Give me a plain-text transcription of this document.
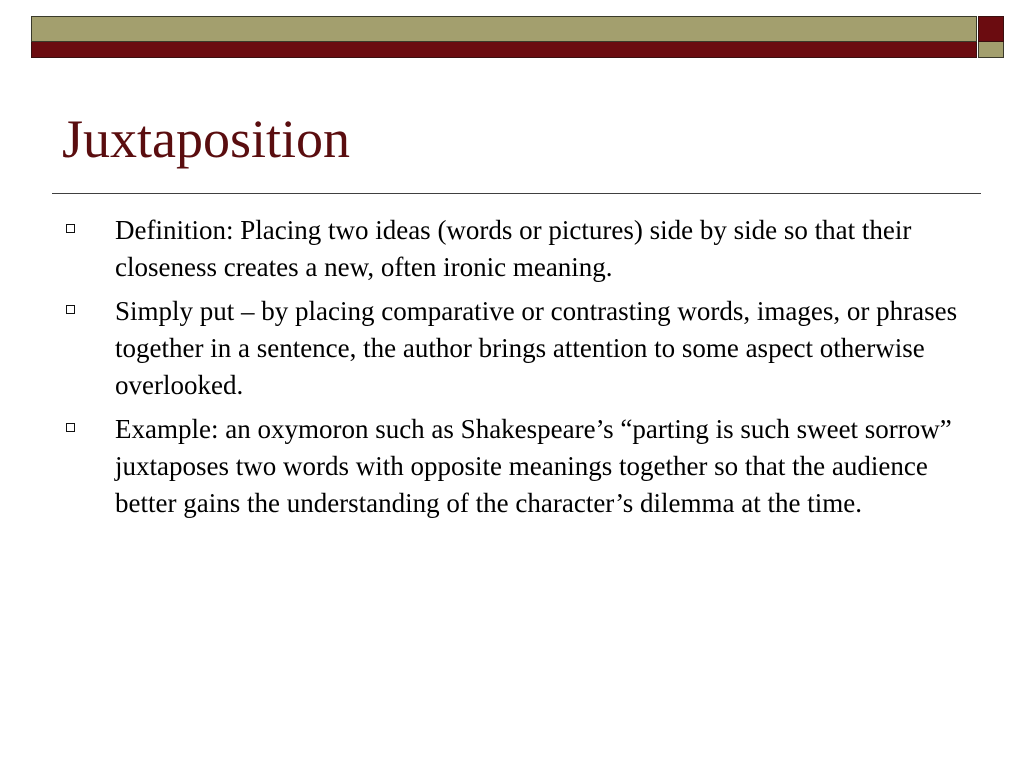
Juxtaposition
Definition: Placing two ideas (words or pictures) side by side so that their closeness creates a new, often ironic meaning.
Simply put – by placing comparative or contrasting words, images, or phrases together in a sentence, the author brings attention to some aspect otherwise overlooked.
Example: an oxymoron such as Shakespeare’s “parting is such sweet sorrow” juxtaposes two words with opposite meanings together so that the audience better gains the understanding of the character’s dilemma at the time.
